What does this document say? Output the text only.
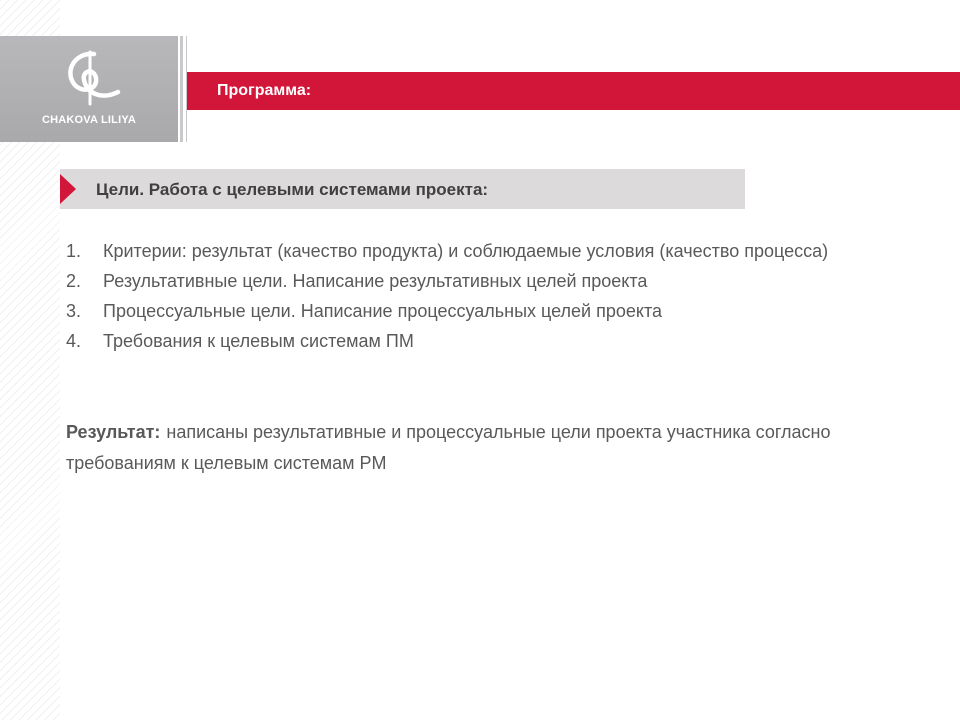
CHAKOVA LILIYA
Программа:
Цели. Работа с целевыми системами проекта:
1. Критерии: результат (качество продукта) и соблюдаемые условия (качество процесса)
2. Результативные цели. Написание результативных целей проекта
3. Процессуальные цели. Написание процессуальных целей проекта
4. Требования к целевым системам ПМ
Результат: написаны результативные и процессуальные цели проекта участника согласно требованиям к целевым системам PM
